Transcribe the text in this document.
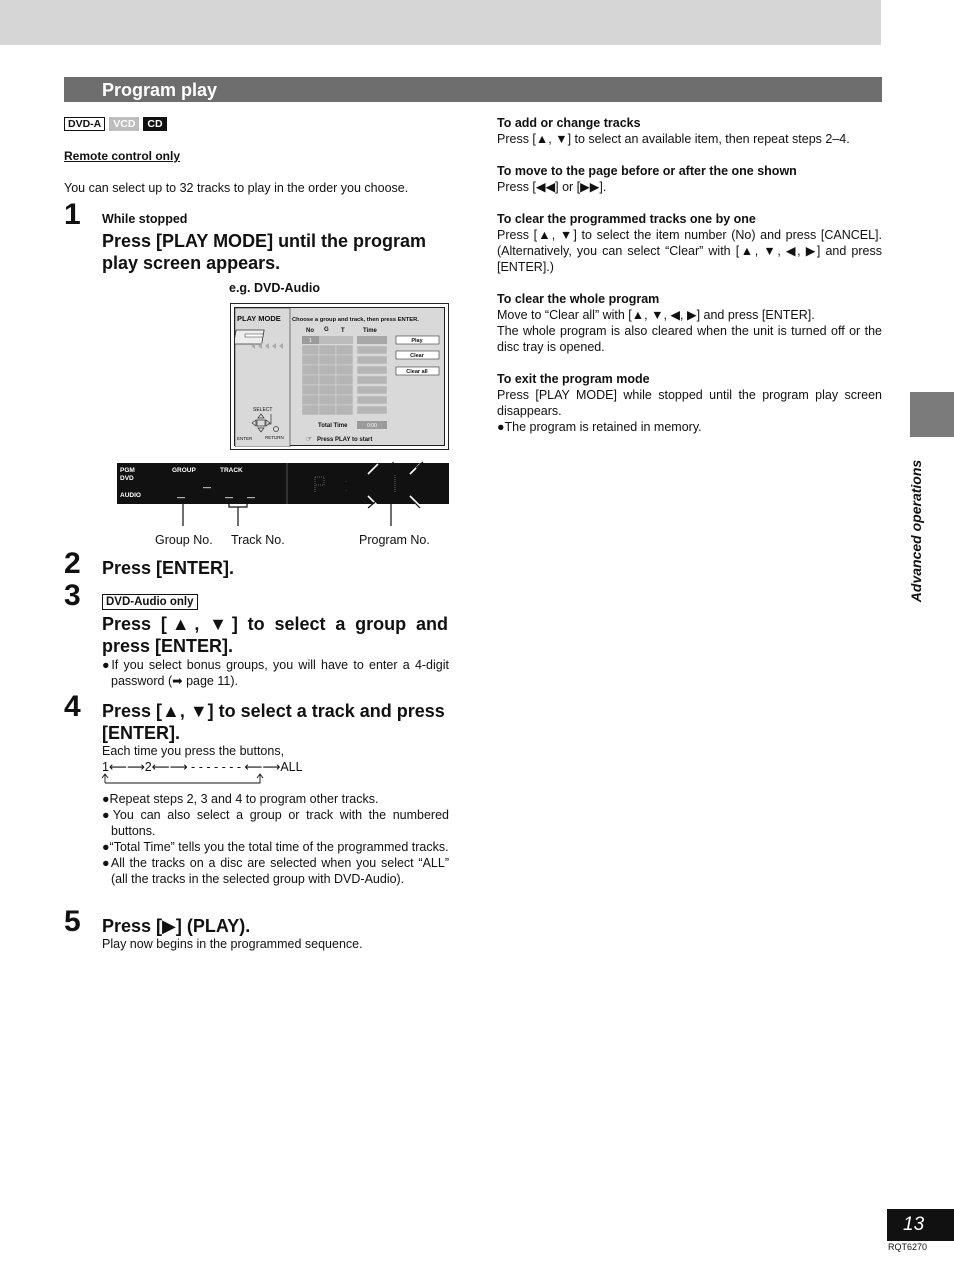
Program play
DVD-A	VCD	CD
Remote control only
You can select up to 32 tracks to play in the order you choose.
1 While stopped
Press [PLAY MODE] until the program play screen appears.
e.g. DVD-Audio
PLAY MODE
SELECT
ENTER	RETURN
Choose a group and track, then press ENTER.
No G T	Time
1	Play
Clear
Clear all
Total Time	0:00
☞ Press PLAY to start
PGM
DVD
AUDIO
GROUP	TRACK
Group No. Track No.	Program No.
2 Press [ENTER].
3	DVD-Audio only
Press [▲, ▼] to select a group and press [ENTER].

●If you select bonus groups, you will have to enter a 4-digit password (➡ page 11).

4 Press [▲, ▼] to select a track and press [ENTER].
Each time you press the buttons,
1⟵⟶2⟵⟶ - - - - - - - ⟵⟶ALL

●Repeat steps 2, 3 and 4 to program other tracks.

●You can also select a group or track with the numbered buttons.

●“Total Time” tells you the total time of the programmed tracks.

●All the tracks on a disc are selected when you select “ALL” (all the tracks in the selected group with DVD-Audio).

5 Press [▶] (PLAY).
Play now begins in the programmed sequence.
To add or change tracks
Press [▲, ▼] to select an available item, then repeat steps 2–4.
To move to the page before or after the one shown
Press [◀◀] or [▶▶].
To clear the programmed tracks one by one
Press [▲, ▼] to select the item number (No) and press [CANCEL]. (Alternatively, you can select “Clear” with [▲, ▼, ◀, ▶] and press [ENTER].)
To clear the whole program
Move to “Clear all” with [▲, ▼, ◀, ▶] and press [ENTER].
The whole program is also cleared when the unit is turned off or the disc tray is opened.
To exit the program mode
Press [PLAY MODE] while stopped until the program play screen disappears.
●The program is retained in memory.
Advanced operations
13
RQT6270
